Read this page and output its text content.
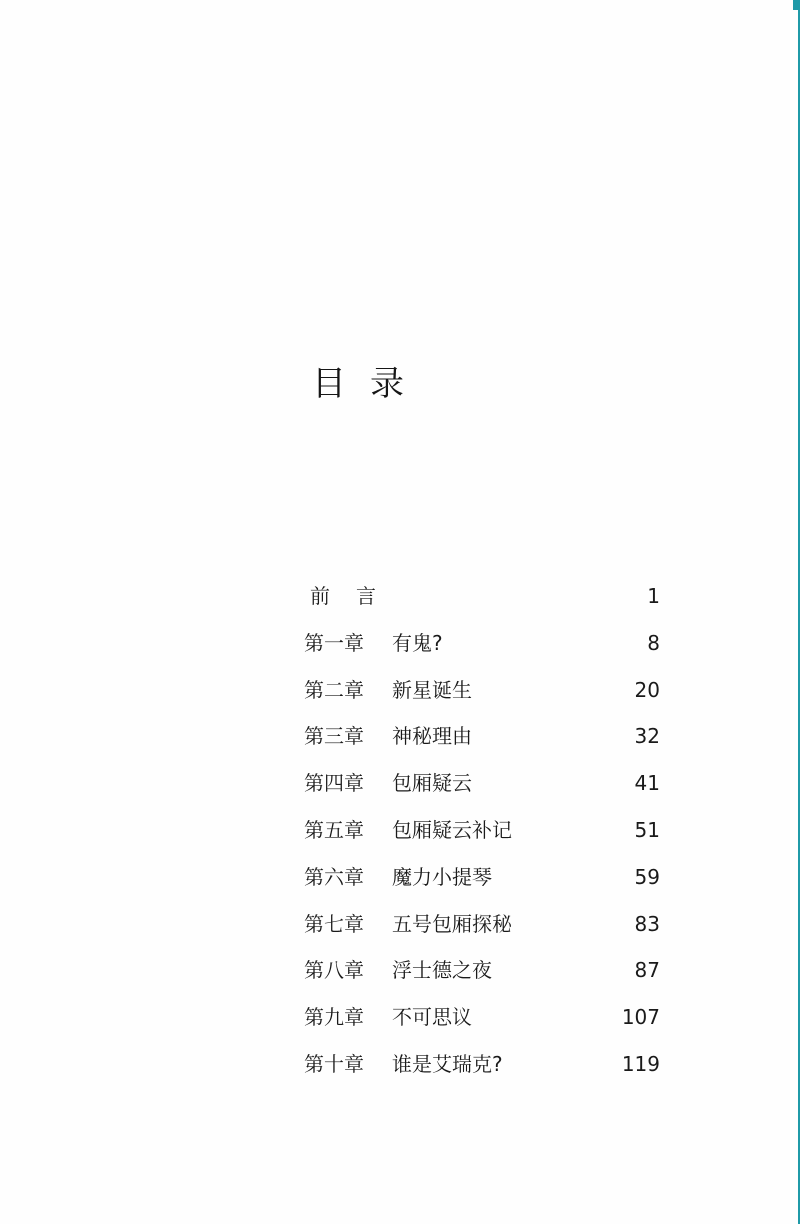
目录
前言	1
第一章 有鬼?	8
第二章 新星诞生	20
第三章 神秘理由	32
第四章 包厢疑云	41
第五章 包厢疑云补记	51
第六章 魔力小提琴	59
第七章 五号包厢探秘	83
第八章 浮士德之夜	87
第九章 不可思议	107
第十章 谁是艾瑞克?	119
